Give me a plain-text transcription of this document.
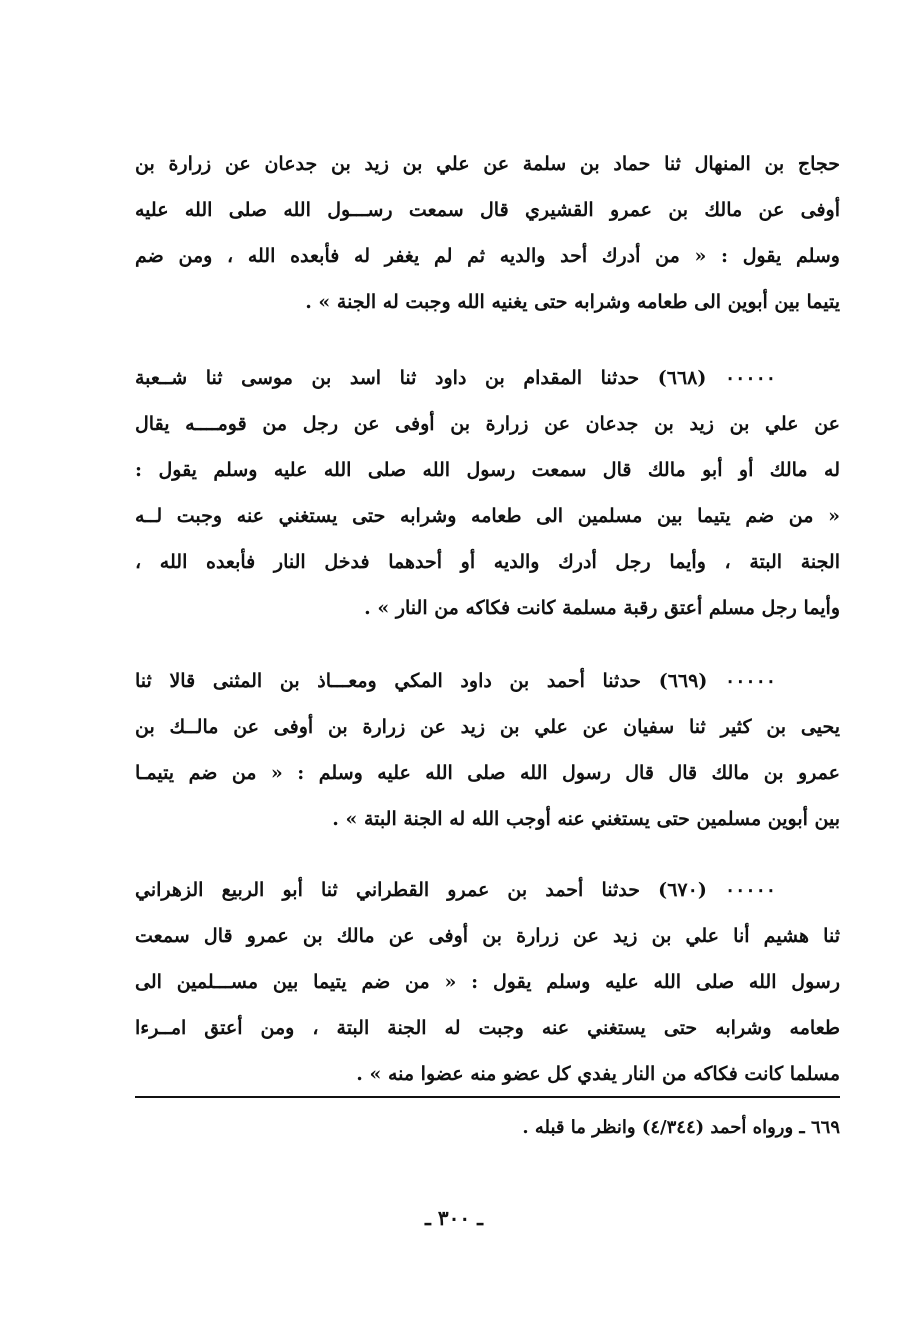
حجاج بن المنهال ثنا حماد بن سلمة عن علي بن زيد بن جدعان عن زرارة بن
أوفى عن مالك بن عمرو القشيري قال سمعت رســـول الله صلى الله عليه
وسلم يقول : « من أدرك أحد والديه ثم لم يغفر له فأبعده الله ، ومن ضم
يتيما بين أبوين الى طعامه وشرابه حتى يغنيه الله وجبت له الجنة » .
٠٠٠٠٠ (٦٦٨) حدثنا المقدام بن داود ثنا اسد بن موسى ثنا شــعبة
عن علي بن زيد بن جدعان عن زرارة بن أوفى عن رجل من قومــــه يقال
له مالك أو أبو مالك قال سمعت رسول الله صلى الله عليه وسلم يقول :
« من ضم يتيما بين مسلمين الى طعامه وشرابه حتى يستغني عنه وجبت لــه
الجنة البتة ، وأيما رجل أدرك والديه أو أحدهما فدخل النار فأبعده الله ،
وأيما رجل مسلم أعتق رقبة مسلمة كانت فكاكه من النار » .
٠٠٠٠٠ (٦٦٩) حدثنا أحمد بن داود المكي ومعـــاذ بن المثنى قالا ثنا
يحيى بن كثير ثنا سفيان عن علي بن زيد عن زرارة بن أوفى عن مالــك بن
عمرو بن مالك قال قال رسول الله صلى الله عليه وسلم : « من ضم يتيمـا
بين أبوين مسلمين حتى يستغني عنه أوجب الله له الجنة البتة » .
٠٠٠٠٠ (٦٧٠) حدثنا أحمد بن عمرو القطراني ثنا أبو الربيع الزهراني
ثنا هشيم أنا علي بن زيد عن زرارة بن أوفى عن مالك بن عمرو قال سمعت
رسول الله صلى الله عليه وسلم يقول : « من ضم يتيما بين مســـلمين الى
طعامه وشرابه حتى يستغني عنه وجبت له الجنة البتة ، ومن أعتق امــرءا
مسلما كانت فكاكه من النار يفدي كل عضو منه عضوا منه » .
٦٦٩ ـ ورواه أحمد (٤/٣٤٤) وانظر ما قبله .
ـ ٣٠٠ ـ
